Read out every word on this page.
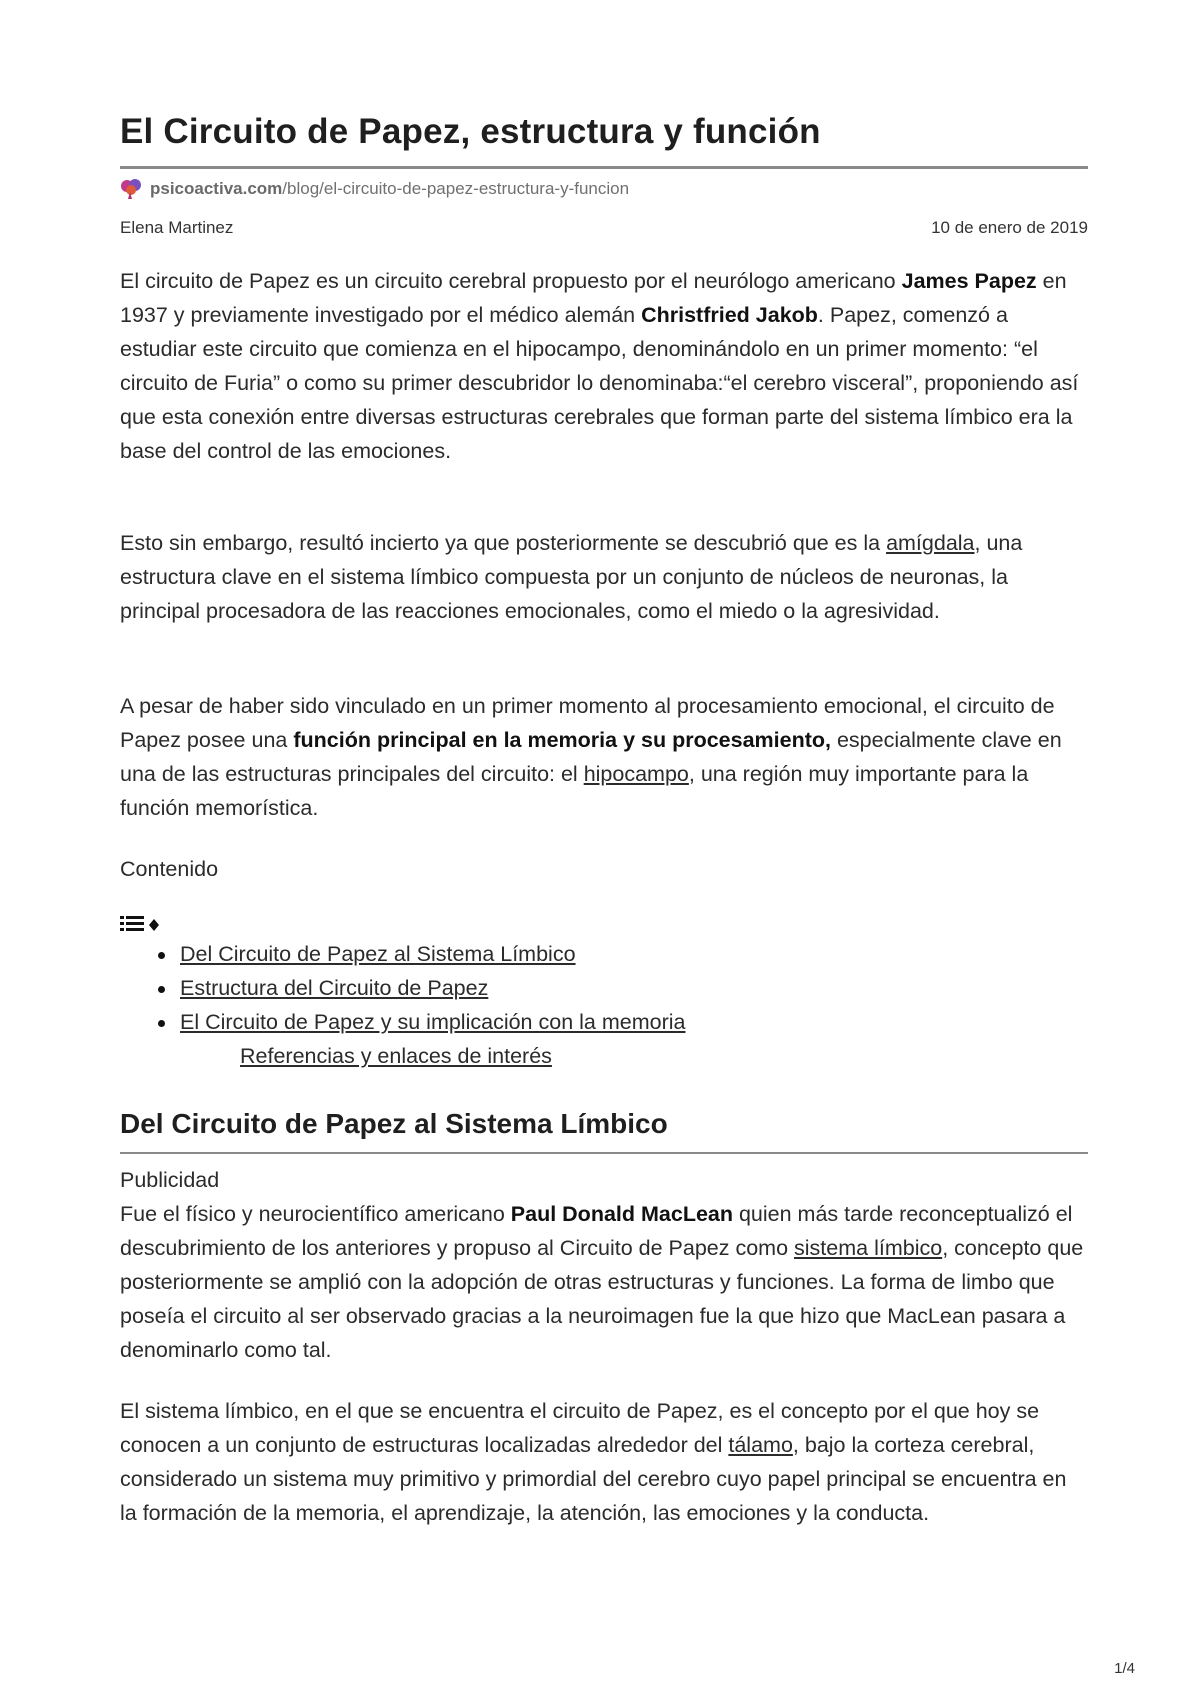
El Circuito de Papez, estructura y función
psicoactiva.com /blog/el-circuito-de-papez-estructura-y-funcion
Elena Martinez	10 de enero de 2019

El circuito de Papez es un circuito cerebral propuesto por el neurólogo americano James Papez en 1937 y previamente investigado por el médico alemán Christfried Jakob. Papez, comenzó a estudiar este circuito que comienza en el hipocampo, denominándolo en un primer momento: “el circuito de Furia” o como su primer descubridor lo denominaba:“el cerebro visceral”, proponiendo así que esta conexión entre diversas estructuras cerebrales que forman parte del sistema límbico era la base del control de las emociones.

Esto sin embargo, resultó incierto ya que posteriormente se descubrió que es la amígdala, una estructura clave en el sistema límbico compuesta por un conjunto de núcleos de neuronas, la principal procesadora de las reacciones emocionales, como el miedo o la agresividad.

A pesar de haber sido vinculado en un primer momento al procesamiento emocional, el circuito de Papez posee una función principal en la memoria y su procesamiento, especialmente clave en una de las estructuras principales del circuito: el hipocampo, una región muy importante para la función memorística.

Contenido

Del Circuito de Papez al Sistema Límbico
Estructura del Circuito de Papez
El Circuito de Papez y su implicación con la memoria
Referencias y enlaces de interés
Del Circuito de Papez al Sistema Límbico

Publicidad

Fue el físico y neurocientífico americano Paul Donald MacLean quien más tarde reconceptualizó el descubrimiento de los anteriores y propuso al Circuito de Papez como sistema límbico, concepto que posteriormente se amplió con la adopción de otras estructuras y funciones. La forma de limbo que poseía el circuito al ser observado gracias a la neuroimagen fue la que hizo que MacLean pasara a denominarlo como tal.

El sistema límbico, en el que se encuentra el circuito de Papez, es el concepto por el que hoy se conocen a un conjunto de estructuras localizadas alrededor del tálamo, bajo la corteza cerebral, considerado un sistema muy primitivo y primordial del cerebro cuyo papel principal se encuentra en la formación de la memoria, el aprendizaje, la atención, las emociones y la conducta.

1/4
